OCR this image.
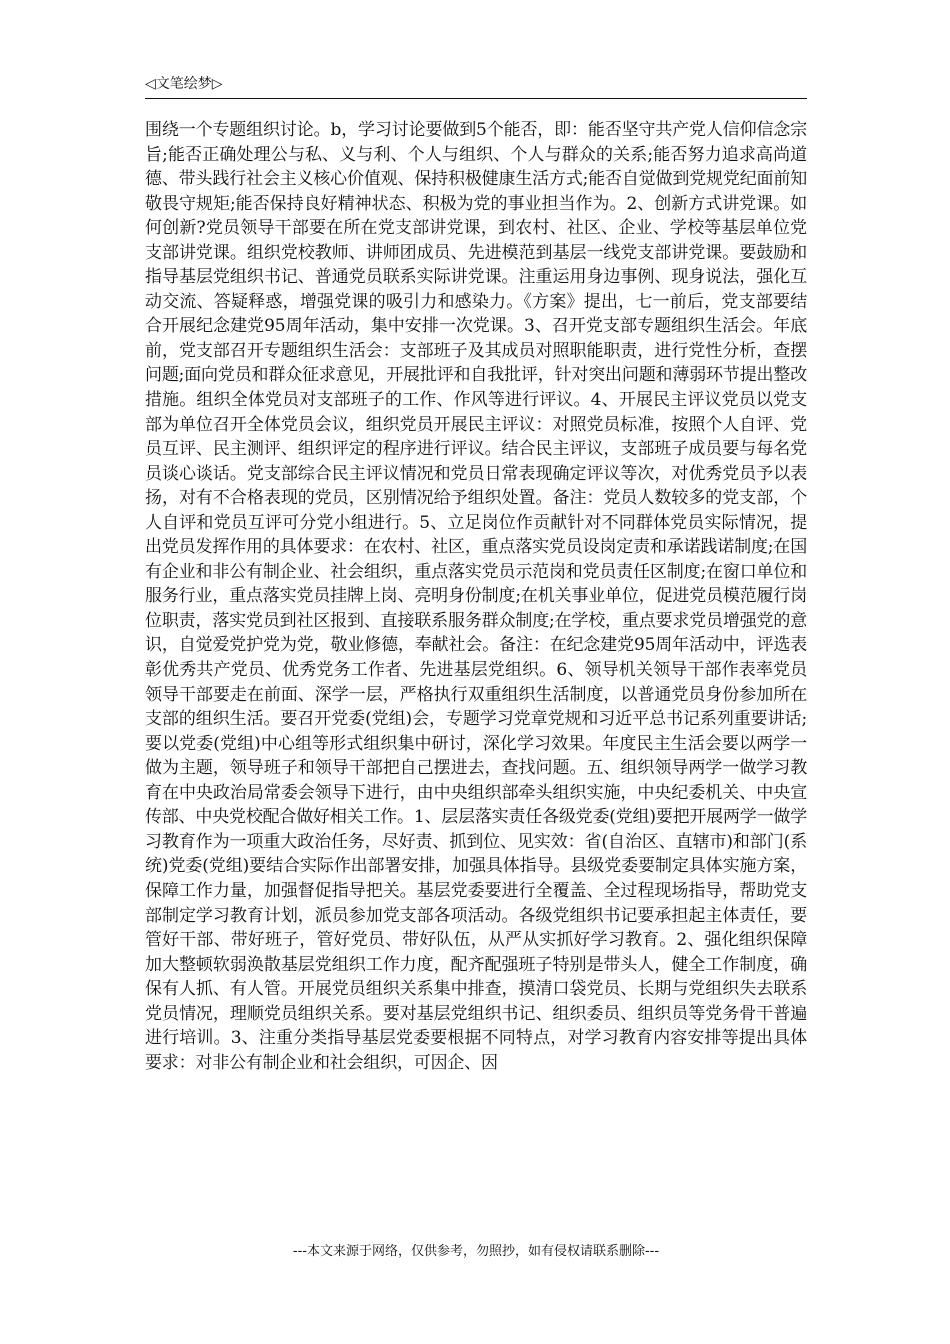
◁文笔绘梦▷

围绕一个专题组织讨论。b，学习讨论要做到5个能否，即：能否坚守共产党人信仰信念宗旨;能否正确处理公与私、义与利、个人与组织、个人与群众的关系;能否努力追求高尚道德、带头践行社会主义核心价值观、保持积极健康生活方式;能否自觉做到党规党纪面前知敬畏守规矩;能否保持良好精神状态、积极为党的事业担当作为。2、创新方式讲党课。如何创新?党员领导干部要在所在党支部讲党课，到农村、社区、企业、学校等基层单位党支部讲党课。组织党校教师、讲师团成员、先进模范到基层一线党支部讲党课。要鼓励和指导基层党组织书记、普通党员联系实际讲党课。注重运用身边事例、现身说法，强化互动交流、答疑释惑，增强党课的吸引力和感染力。《方案》提出，七一前后，党支部要结合开展纪念建党95周年活动，集中安排一次党课。3、召开党支部专题组织生活会。年底前，党支部召开专题组织生活会：支部班子及其成员对照职能职责，进行党性分析，查摆问题;面向党员和群众征求意见，开展批评和自我批评，针对突出问题和薄弱环节提出整改措施。组织全体党员对支部班子的工作、作风等进行评议。4、开展民主评议党员以党支部为单位召开全体党员会议，组织党员开展民主评议：对照党员标准，按照个人自评、党员互评、民主测评、组织评定的程序进行评议。结合民主评议，支部班子成员要与每名党员谈心谈话。党支部综合民主评议情况和党员日常表现确定评议等次，对优秀党员予以表扬，对有不合格表现的党员，区别情况给予组织处置。备注：党员人数较多的党支部，个人自评和党员互评可分党小组进行。5、立足岗位作贡献针对不同群体党员实际情况，提出党员发挥作用的具体要求：在农村、社区，重点落实党员设岗定责和承诺践诺制度;在国有企业和非公有制企业、社会组织，重点落实党员示范岗和党员责任区制度;在窗口单位和服务行业，重点落实党员挂牌上岗、亮明身份制度;在机关事业单位，促进党员模范履行岗位职责，落实党员到社区报到、直接联系服务群众制度;在学校，重点要求党员增强党的意识，自觉爱党护党为党，敬业修德，奉献社会。备注：在纪念建党95周年活动中，评选表彰优秀共产党员、优秀党务工作者、先进基层党组织。6、领导机关领导干部作表率党员领导干部要走在前面、深学一层，严格执行双重组织生活制度，以普通党员身份参加所在支部的组织生活。要召开党委(党组)会，专题学习党章党规和习近平总书记系列重要讲话;要以党委(党组)中心组等形式组织集中研讨，深化学习效果。年度民主生活会要以两学一做为主题，领导班子和领导干部把自己摆进去，查找问题。五、组织领导两学一做学习教育在中央政治局常委会领导下进行，由中央组织部牵头组织实施，中央纪委机关、中央宣传部、中央党校配合做好相关工作。1、层层落实责任各级党委(党组)要把开展两学一做学习教育作为一项重大政治任务，尽好责、抓到位、见实效：省(自治区、直辖市)和部门(系统)党委(党组)要结合实际作出部署安排，加强具体指导。县级党委要制定具体实施方案，保障工作力量，加强督促指导把关。基层党委要进行全覆盖、全过程现场指导，帮助党支部制定学习教育计划，派员参加党支部各项活动。各级党组织书记要承担起主体责任，要管好干部、带好班子，管好党员、带好队伍，从严从实抓好学习教育。2、强化组织保障加大整顿软弱涣散基层党组织工作力度，配齐配强班子特别是带头人，健全工作制度，确保有人抓、有人管。开展党员组织关系集中排查，摸清口袋党员、长期与党组织失去联系党员情况，理顺党员组织关系。要对基层党组织书记、组织委员、组织员等党务骨干普遍进行培训。3、注重分类指导基层党委要根据不同特点，对学习教育内容安排等提出具体要求：对非公有制企业和社会组织，可因企、因

---本文来源于网络，仅供参考，勿照抄，如有侵权请联系删除---
